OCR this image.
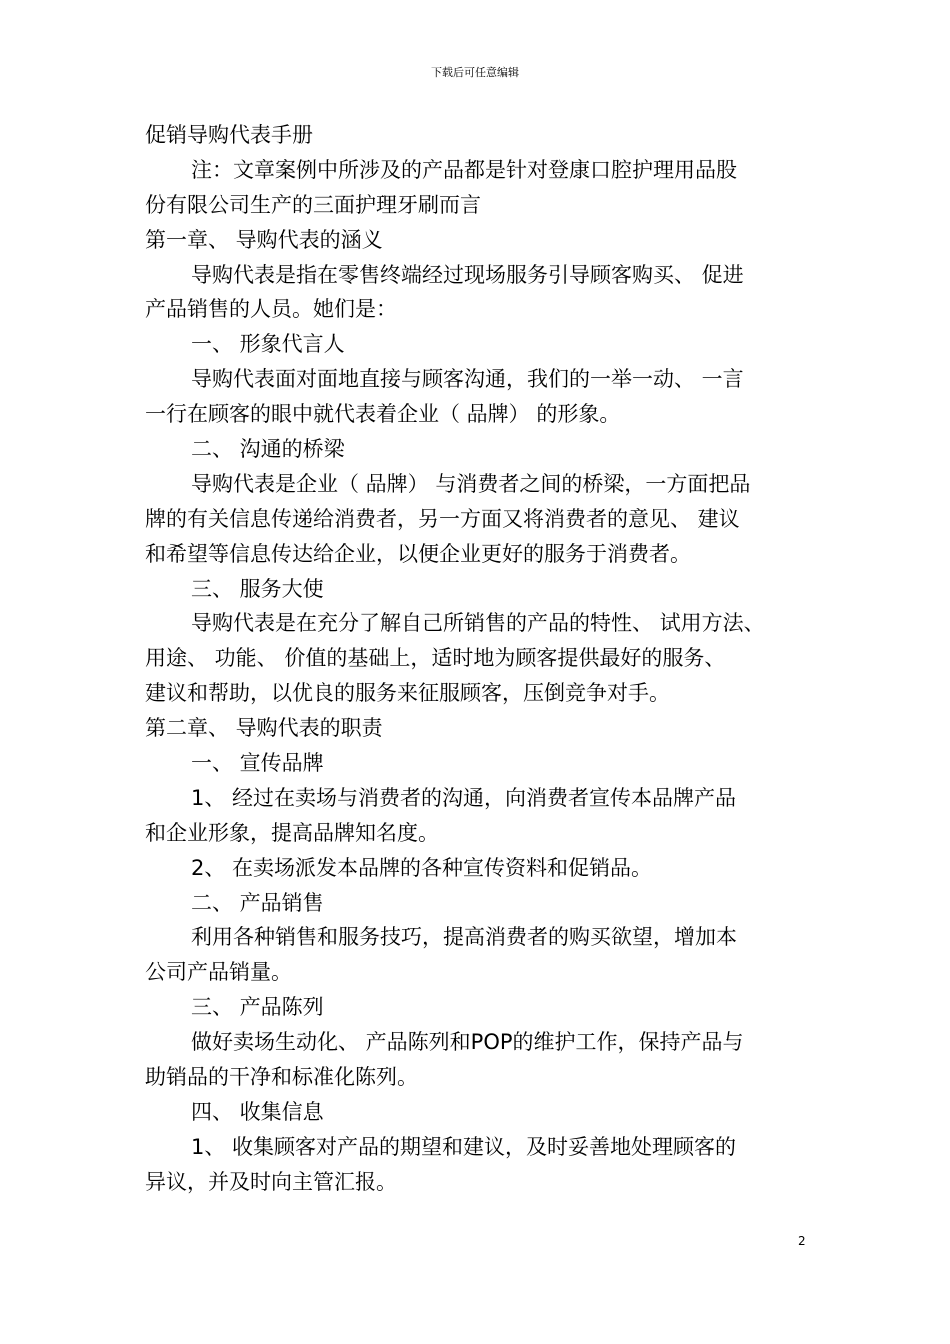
下载后可任意编辑
促销导购代表手册
注：文章案例中所涉及的产品都是针对登康口腔护理用品股
份有限公司生产的三面护理牙刷而言
第一章、 导购代表的涵义
导购代表是指在零售终端经过现场服务引导顾客购买、 促进
产品销售的人员。她们是：
一、 形象代言人
导购代表面对面地直接与顾客沟通，我们的一举一动、 一言
一行在顾客的眼中就代表着企业（ 品牌） 的形象。
二、 沟通的桥梁
导购代表是企业（ 品牌） 与消费者之间的桥梁，一方面把品
牌的有关信息传递给消费者，另一方面又将消费者的意见、 建议
和希望等信息传达给企业，以便企业更好的服务于消费者。
三、 服务大使
导购代表是在充分了解自己所销售的产品的特性、 试用方法、
用途、 功能、 价值的基础上，适时地为顾客提供最好的服务、
建议和帮助，以优良的服务来征服顾客，压倒竞争对手。
第二章、 导购代表的职责
一、 宣传品牌
1、 经过在卖场与消费者的沟通，向消费者宣传本品牌产品
和企业形象，提高品牌知名度。
2、 在卖场派发本品牌的各种宣传资料和促销品。
二、 产品销售
利用各种销售和服务技巧，提高消费者的购买欲望，增加本
公司产品销量。
三、 产品陈列
做好卖场生动化、 产品陈列和POP的维护工作，保持产品与
助销品的干净和标准化陈列。
四、 收集信息
1、 收集顾客对产品的期望和建议，及时妥善地处理顾客的
异议，并及时向主管汇报。
2
